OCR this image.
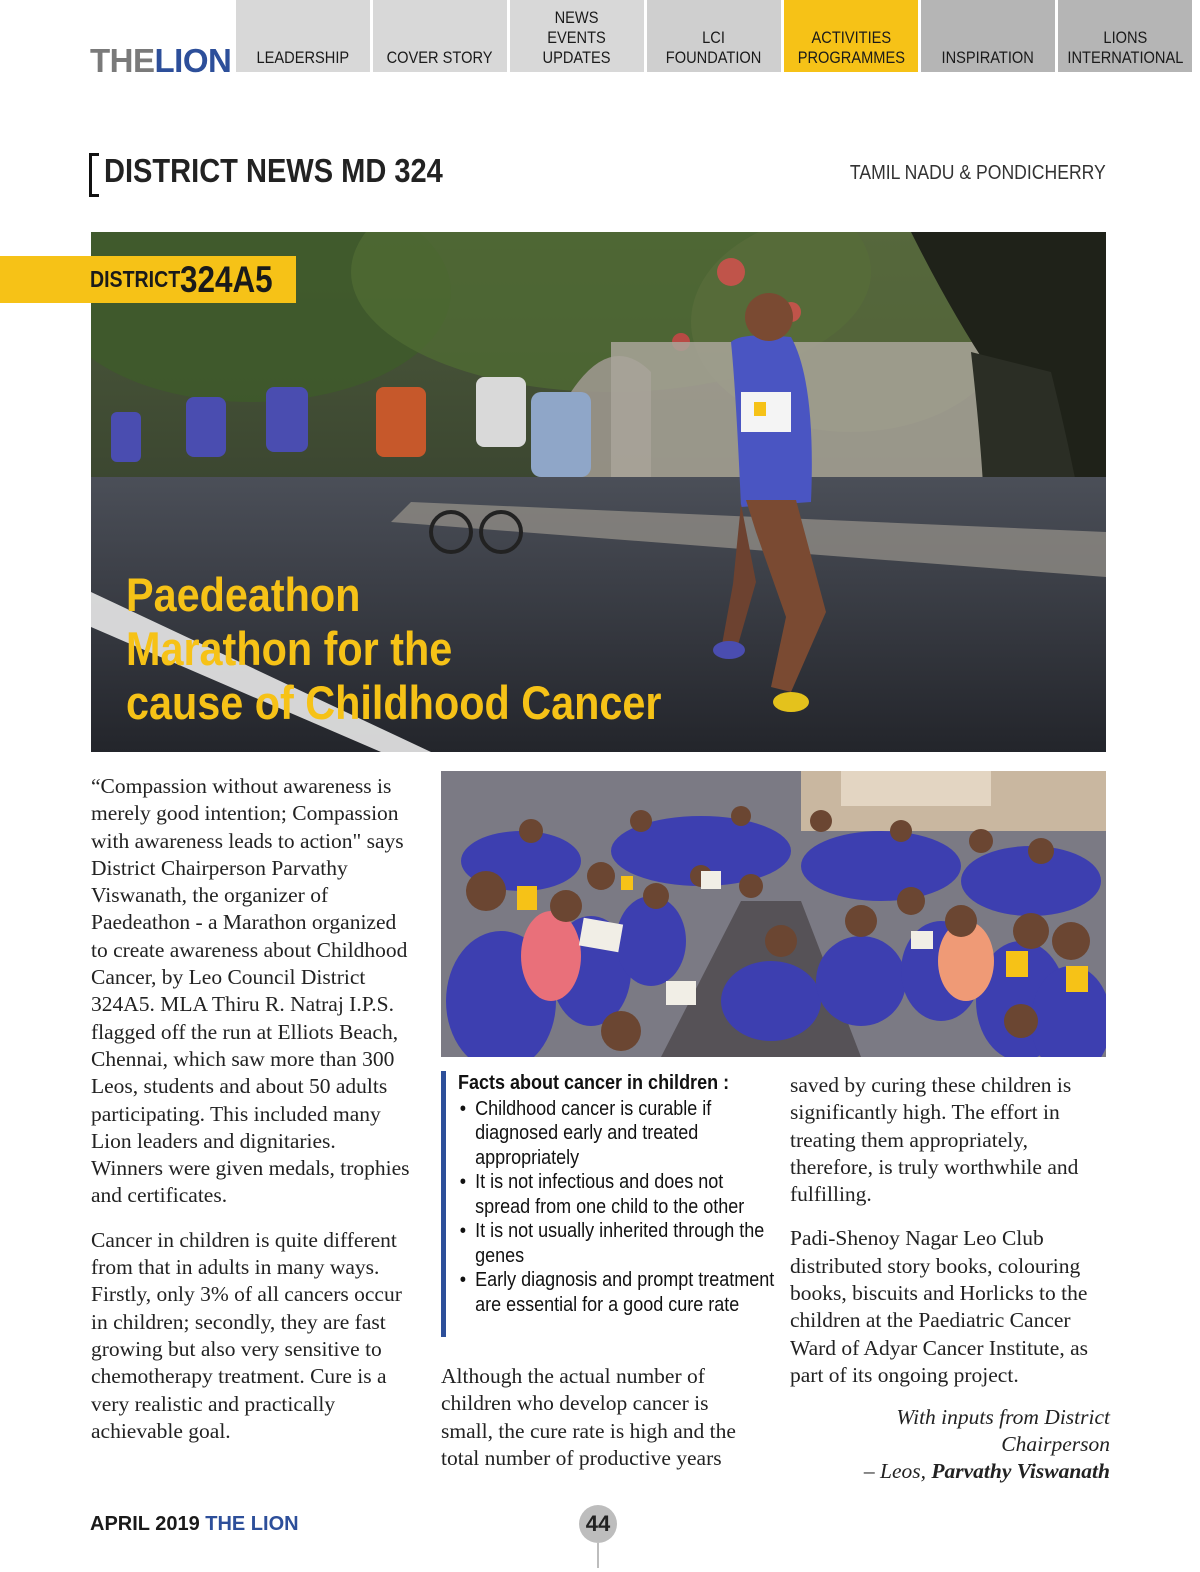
THELION LEADERSHIP COVER STORY
NEWS
EVENTS
UPDATES
LCI
FOUNDATION
ACTIVITIES
PROGRAMMES INSPIRATION
LIONS
INTERNATIONAL
DISTRICT NEWS MD 324	TAMIL NADU & PONDICHERRY
Paedeathon
Marathon for the
cause of Childhood Cancer
DISTRICT 324A5

“Compassion without awareness is merely good intention; Compassion with awareness leads to action" says District Chairperson Parvathy Viswanath, the organizer of Paedeathon - a Marathon organized to create awareness about Childhood Cancer, by Leo Council District 324A5. MLA Thiru R. Natraj I.P.S. flagged off the run at Elliots Beach, Chennai, which saw more than 300 Leos, students and about 50 adults participating. This included many Lion leaders and dignitaries. Winners were given medals, trophies and certificates.

Cancer in children is quite different from that in adults in many ways. Firstly, only 3% of all cancers occur in children; secondly, they are fast growing but also very sensitive to chemotherapy treatment. Cure is a very realistic and practically achievable goal.

Facts about cancer in children :
• Childhood cancer is curable if diagnosed early and treated appropriately
• It is not infectious and does not spread from one child to the other
• It is not usually inherited through the genes
• Early diagnosis and prompt treatment are essential for a good cure rate

Although the actual number of children who develop cancer is small, the cure rate is high and the total number of productive years

saved by curing these children is significantly high. The effort in treating them appropriately, therefore, is truly worthwhile and fulfilling.

Padi-Shenoy Nagar Leo Club distributed story books, colouring books, biscuits and Horlicks to the children at the Paediatric Cancer Ward of Adyar Cancer Institute, as part of its ongoing project.

With inputs from District Chairperson
– Leos, Parvathy Viswanath
APRIL 2019 THE LION	44
